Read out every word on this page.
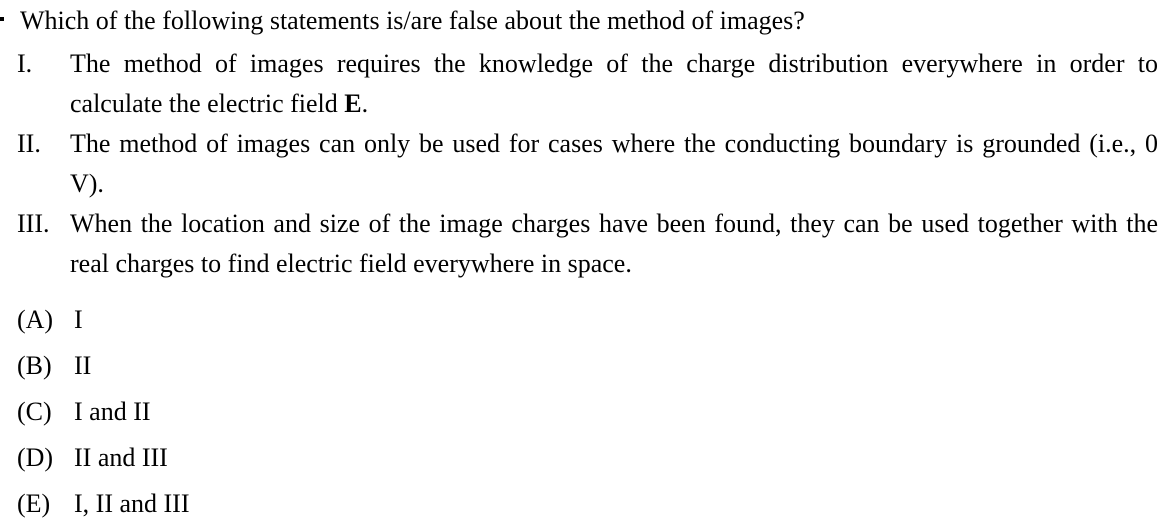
Which of the following statements is/are false about the method of images?
I. The method of images requires the knowledge of the charge distribution everywhere in order to calculate the electric field E.
II. The method of images can only be used for cases where the conducting boundary is grounded (i.e., 0 V).
III. When the location and size of the image charges have been found, they can be used together with the real charges to find electric field everywhere in space.
(A) I
(B) II
(C) I and II
(D) II and III
(E) I, II and III
